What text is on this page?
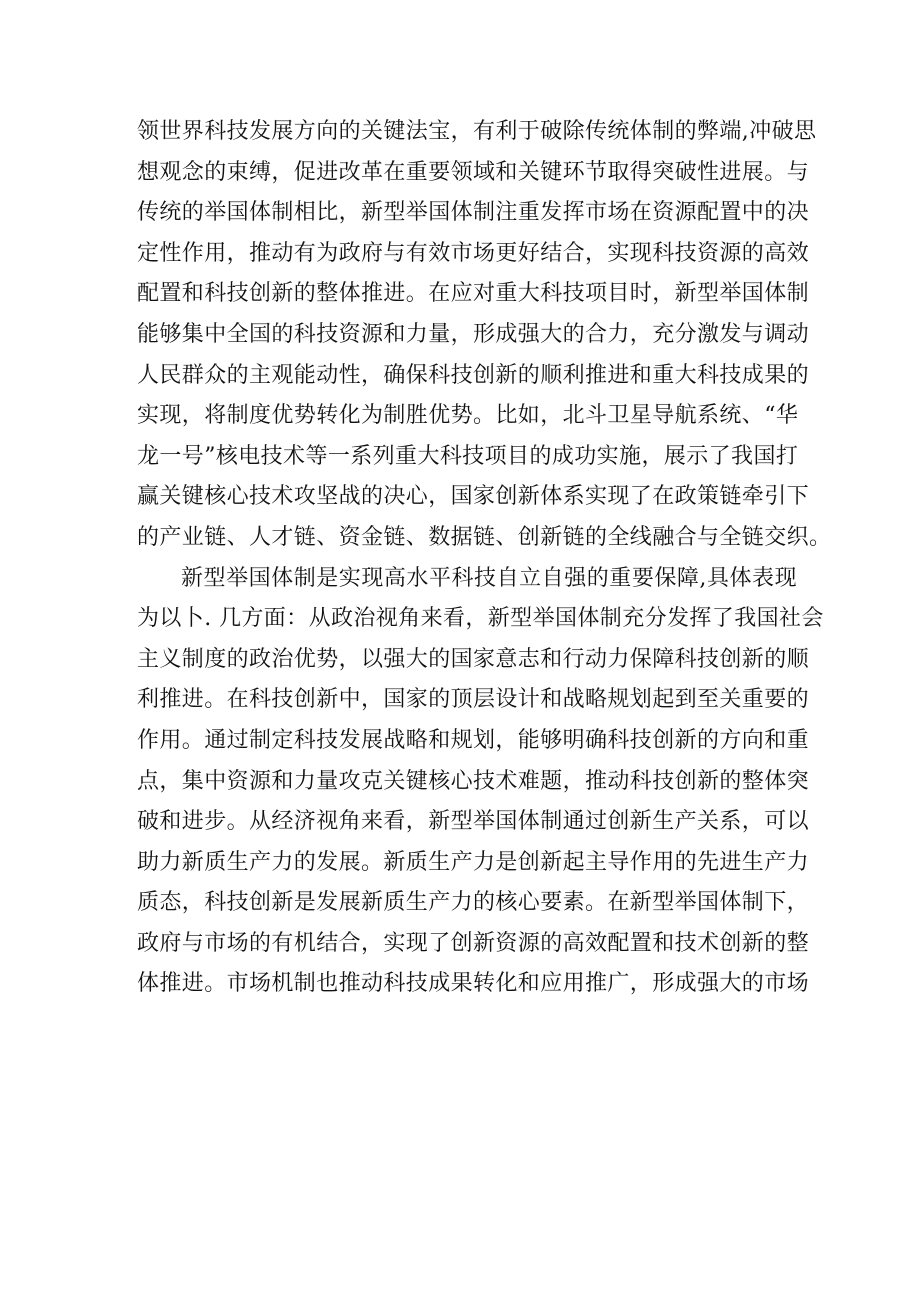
领世界科技发展方向的关键法宝，有利于破除传统体制的弊端,冲破思
想观念的束缚，促进改革在重要领域和关键环节取得突破性进展。与
传统的举国体制相比，新型举国体制注重发挥市场在资源配置中的决
定性作用，推动有为政府与有效市场更好结合，实现科技资源的高效
配置和科技创新的整体推进。在应对重大科技项目时，新型举国体制
能够集中全国的科技资源和力量，形成强大的合力，充分激发与调动
人民群众的主观能动性，确保科技创新的顺利推进和重大科技成果的
实现，将制度优势转化为制胜优势。比如，北斗卫星导航系统、“华
龙一号”核电技术等一系列重大科技项目的成功实施，展示了我国打
赢关键核心技术攻坚战的决心，国家创新体系实现了在政策链牵引下
的产业链、人才链、资金链、数据链、创新链的全线融合与全链交织。
新型举国体制是实现高水平科技自立自强的重要保障,具体表现
为以卜. 几方面：从政治视角来看，新型举国体制充分发挥了我国社会
主义制度的政治优势，以强大的国家意志和行动力保障科技创新的顺
利推进。在科技创新中，国家的顶层设计和战略规划起到至关重要的
作用。通过制定科技发展战略和规划，能够明确科技创新的方向和重
点，集中资源和力量攻克关键核心技术难题，推动科技创新的整体突
破和进步。从经济视角来看，新型举国体制通过创新生产关系，可以
助力新质生产力的发展。新质生产力是创新起主导作用的先进生产力
质态，科技创新是发展新质生产力的核心要素。在新型举国体制下，
政府与市场的有机结合，实现了创新资源的高效配置和技术创新的整
体推进。市场机制也推动科技成果转化和应用推广，形成强大的市场
